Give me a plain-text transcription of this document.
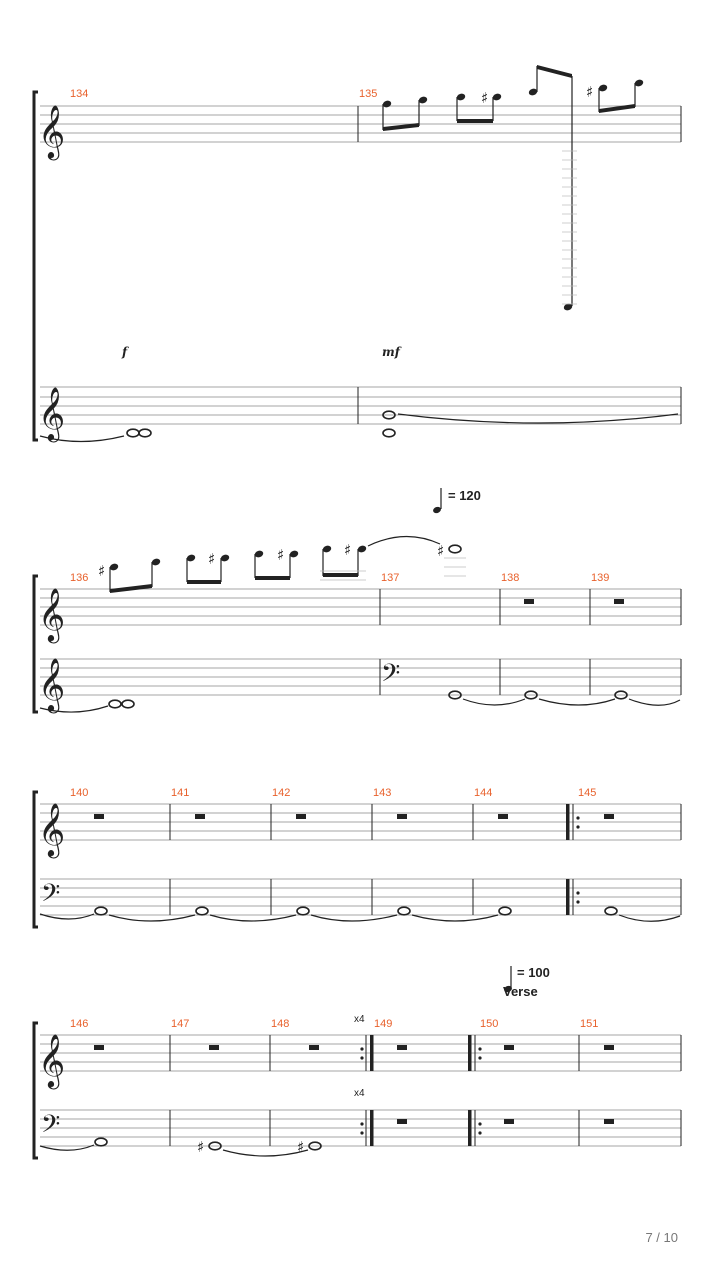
𝄞
134	135	♯	♯
f	mf
𝄞
= 120
𝄞
136	137	138	139
♯
♯	♯	♯	♯
𝄞	𝄢
𝄞
140	141	142	143	144	145
𝄢
= 100
Verse
x4
x4
𝄞
146	147	148	149	150	151
𝄢
♯	♯
7 / 10
